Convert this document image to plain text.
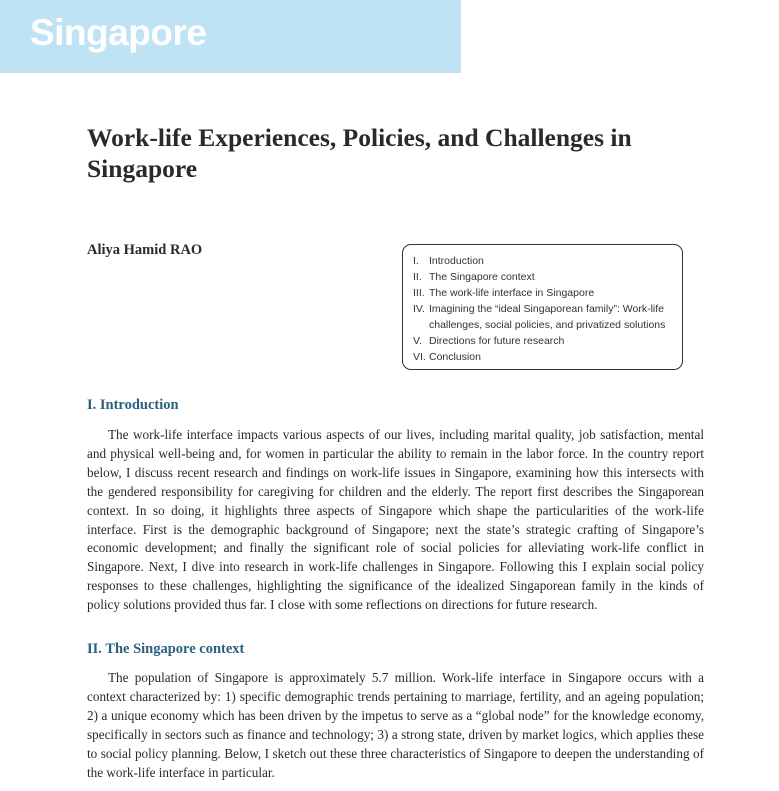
Singapore
Work-life Experiences, Policies, and Challenges in Singapore
Aliya Hamid RAO
I. Introduction
II. The Singapore context
III. The work-life interface in Singapore
IV. Imagining the “ideal Singaporean family”: Work-life challenges, social policies, and privatized solutions
V. Directions for future research
VI. Conclusion
I. Introduction

The work-life interface impacts various aspects of our lives, including marital quality, job satisfaction, mental and physical well-being and, for women in particular the ability to remain in the labor force. In the country report below, I discuss recent research and findings on work-life issues in Singapore, examining how this intersects with the gendered responsibility for caregiving for children and the elderly. The report first describes the Singaporean context. In so doing, it highlights three aspects of Singapore which shape the particularities of the work-life interface. First is the demographic background of Singapore; next the state’s strategic crafting of Singapore’s economic development; and finally the significant role of social policies for alleviating work-life conflict in Singapore. Next, I dive into research in work-life challenges in Singapore. Following this I explain social policy responses to these challenges, highlighting the significance of the idealized Singaporean family in the kinds of policy solutions provided thus far. I close with some reflections on directions for future research.

II. The Singapore context

The population of Singapore is approximately 5.7 million. Work-life interface in Singapore occurs with a context characterized by: 1) specific demographic trends pertaining to marriage, fertility, and an ageing population; 2) a unique economy which has been driven by the impetus to serve as a “global node” for the knowledge economy, specifically in sectors such as finance and technology; 3) a strong state, driven by market logics, which applies these to social policy planning. Below, I sketch out these three characteristics of Singapore to deepen the understanding of the work-life interface in particular.
